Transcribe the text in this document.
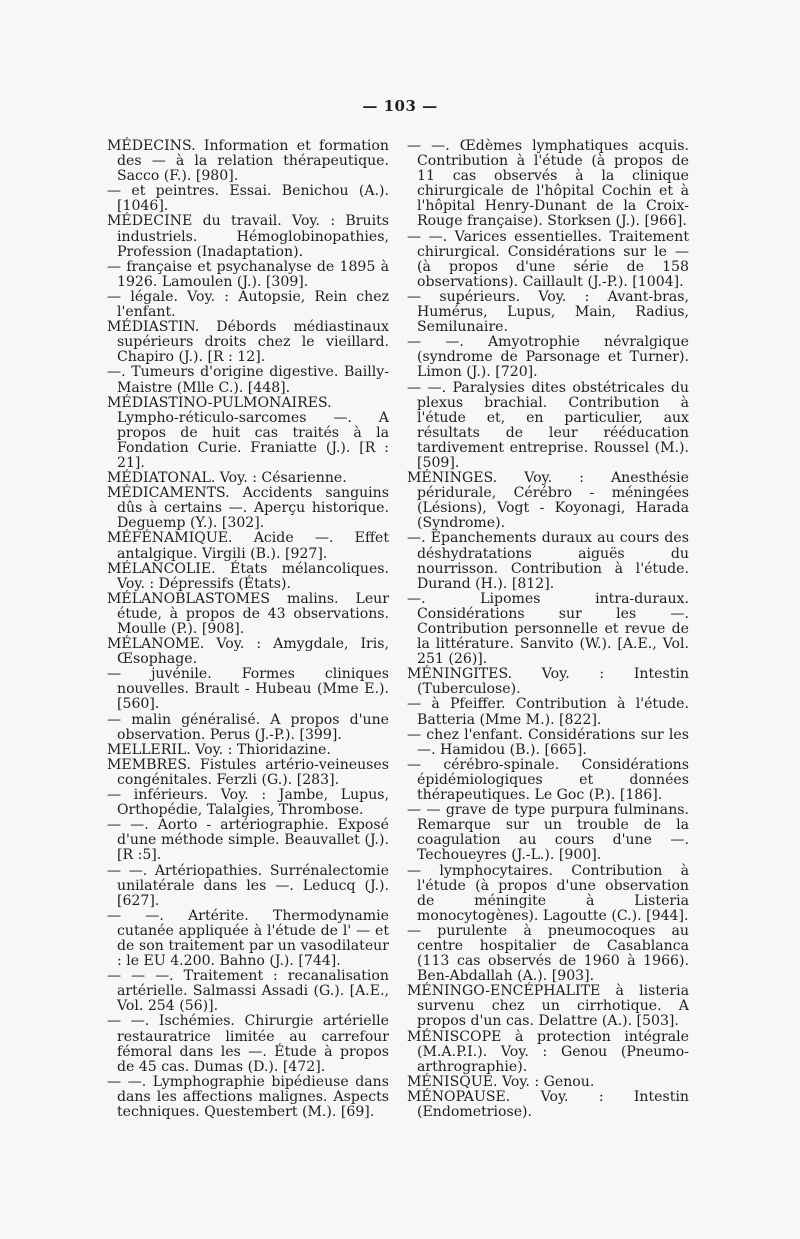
— 103 —
MÉDECINS. Information et formation des — à la relation thérapeutique. Sacco (F.). [980].
— et peintres. Essai. Benichou (A.). [1046].
MÉDECINE du travail. Voy. : Bruits industriels. Hémoglobinopathies, Profession (Inadaptation).
— française et psychanalyse de 1895 à 1926. Lamoulen (J.). [309].
— légale. Voy. : Autopsie, Rein chez l'enfant.
MÉDIASTIN. Débords médiastinaux supérieurs droits chez le vieillard. Chapiro (J.). [R : 12].
—. Tumeurs d'origine digestive. Bailly-Maistre (Mlle C.). [448].
MÉDIASTINO-PULMONAIRES. Lympho-réticulo-sarcomes —. A propos de huit cas traités à la Fondation Curie. Franiatte (J.). [R : 21].
MÉDIATONAL. Voy. : Césarienne.
MÉDICAMENTS. Accidents sanguins dûs à certains —. Aperçu historique. Deguemp (Y.). [302].
MÉFÉNAMIQUE. Acide —. Effet antalgique. Virgili (B.). [927].
MÉLANCOLIE. États mélancoliques. Voy. : Dépressifs (États).
MÉLANOBLASTOMES malins. Leur étude, à propos de 43 observations. Moulle (P.). [908].
MÉLANOME. Voy. : Amygdale, Iris, Œsophage.
— juvénile. Formes cliniques nouvelles. Brault - Hubeau (Mme E.). [560].
— malin généralisé. A propos d'une observation. Perus (J.-P.). [399].
MELLERIL. Voy. : Thioridazine.
MEMBRES. Fistules artério-veineuses congénitales. Ferzli (G.). [283].
— inférieurs. Voy. : Jambe, Lupus, Orthopédie, Talalgies, Thrombose.
— —. Aorto - artériographie. Exposé d'une méthode simple. Beauvallet (J.). [R :5].
— —. Artériopathies. Surrénalectomie unilatérale dans les —. Leducq (J.). [627].
— —. Artérite. Thermodynamie cutanée appliquée à l'étude de l' — et de son traitement par un vasodilateur : le EU 4.200. Bahno (J.). [744].
— — —. Traitement : recanalisation artérielle. Salmassi Assadi (G.). [A.E., Vol. 254 (56)].
— —. Ischémies. Chirurgie artérielle restauratrice limitée au carrefour fémoral dans les —. Étude à propos de 45 cas. Dumas (D.). [472].
— —. Lymphographie bipédieuse dans dans les affections malignes. Aspects techniques. Questembert (M.). [69].
— —. Œdèmes lymphatiques acquis. Contribution à l'étude (à propos de 11 cas observés à la clinique chirurgicale de l'hôpital Cochin et à l'hôpital Henry-Dunant de la Croix-Rouge française). Storksen (J.). [966].
— —. Varices essentielles. Traitement chirurgical. Considérations sur le — (à propos d'une série de 158 observations). Caillault (J.-P.). [1004].
— supérieurs. Voy. : Avant-bras, Humérus, Lupus, Main, Radius, Semilunaire.
— —. Amyotrophie névralgique (syndrome de Parsonage et Turner). Limon (J.). [720].
— —. Paralysies dites obstétricales du plexus brachial. Contribution à l'étude et, en particulier, aux résultats de leur rééducation tardivement entreprise. Roussel (M.). [509].
MÉNINGES. Voy. : Anesthésie péridurale, Cérébro - méningées (Lésions), Vogt - Koyonagi, Harada (Syndrome).
—. Épanchements duraux au cours des déshydratations aiguës du nourrisson. Contribution à l'étude. Durand (H.). [812].
—. Lipomes intra-duraux. Considérations sur les —. Contribution personnelle et revue de la littérature. Sanvito (W.). [A.E., Vol. 251 (26)].
MÉNINGITES. Voy. : Intestin (Tuberculose).
— à Pfeiffer. Contribution à l'étude. Batteria (Mme M.). [822].
— chez l'enfant. Considérations sur les —. Hamidou (B.). [665].
— cérébro-spinale. Considérations épidémiologiques et données thérapeutiques. Le Goc (P.). [186].
— — grave de type purpura fulminans. Remarque sur un trouble de la coagulation au cours d'une —. Techoueyres (J.-L.). [900].
— lymphocytaires. Contribution à l'étude (à propos d'une observation de méningite à Listeria monocytogènes). Lagoutte (C.). [944].
— purulente à pneumocoques au centre hospitalier de Casablanca (113 cas observés de 1960 à 1966). Ben-Abdallah (A.). [903].
MÉNINGO-ENCÉPHALITE à listeria survenu chez un cirrhotique. A propos d'un cas. Delattre (A.). [503].
MÉNISCOPE à protection intégrale (M.A.P.I.). Voy. : Genou (Pneumo-arthrographie).
MÉNISQUE. Voy. : Genou.
MÉNOPAUSE. Voy. : Intestin (Endometriose).
